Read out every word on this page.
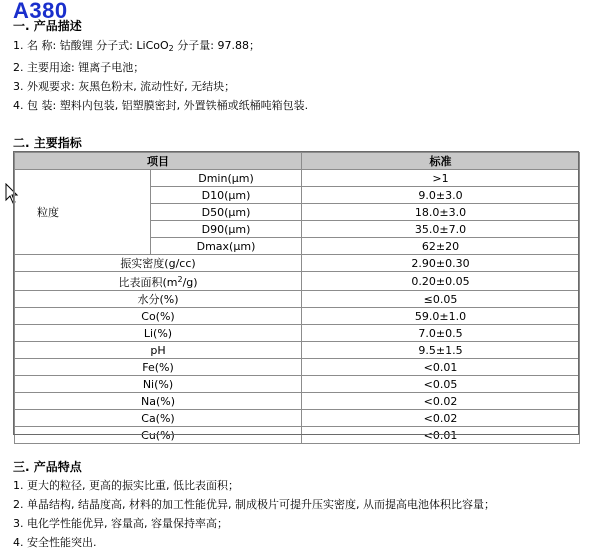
A380
一. 产品描述
1. 名 称: 钴酸锂 分子式: LiCoO$_2$ 分子量: 97.88；
2. 主要用途: 锂离子电池；
3. 外观要求: 灰黑色粉末, 流动性好, 无结块；
4. 包 装: 塑料内包装, 铝塑膜密封, 外置铁桶或纸桶吨箱包装.
二. 主要指标
项目		标准
粒度	Dmin(μm)	>1
	D10(μm)	9.0±3.0
	D50(μm)	18.0±3.0
	D90(μm)	35.0±7.0
	Dmax(μm)	62±20
振实密度(g/cc)		2.90±0.30
比表面积$(m^2/g)$		0.20±0.05
水分(%)		≤0.05
Co(%)		59.0±1.0
Li(%)		7.0±0.5
pH		9.5±1.5
Fe(%)		<0.01
Ni(%)		<0.05
Na(%)		<0.02
Ca(%)		<0.02
Cu(%)		<0.01
三. 产品特点
1. 更大的粒径, 更高的振实比重, 低比表面积；
2. 单晶结构, 结晶度高, 材料的加工性能优异, 制成极片可提升压实密度, 从而提高电池体积比容量；
3. 电化学性能优异, 容量高, 容量保持率高；
4. 安全性能突出.
